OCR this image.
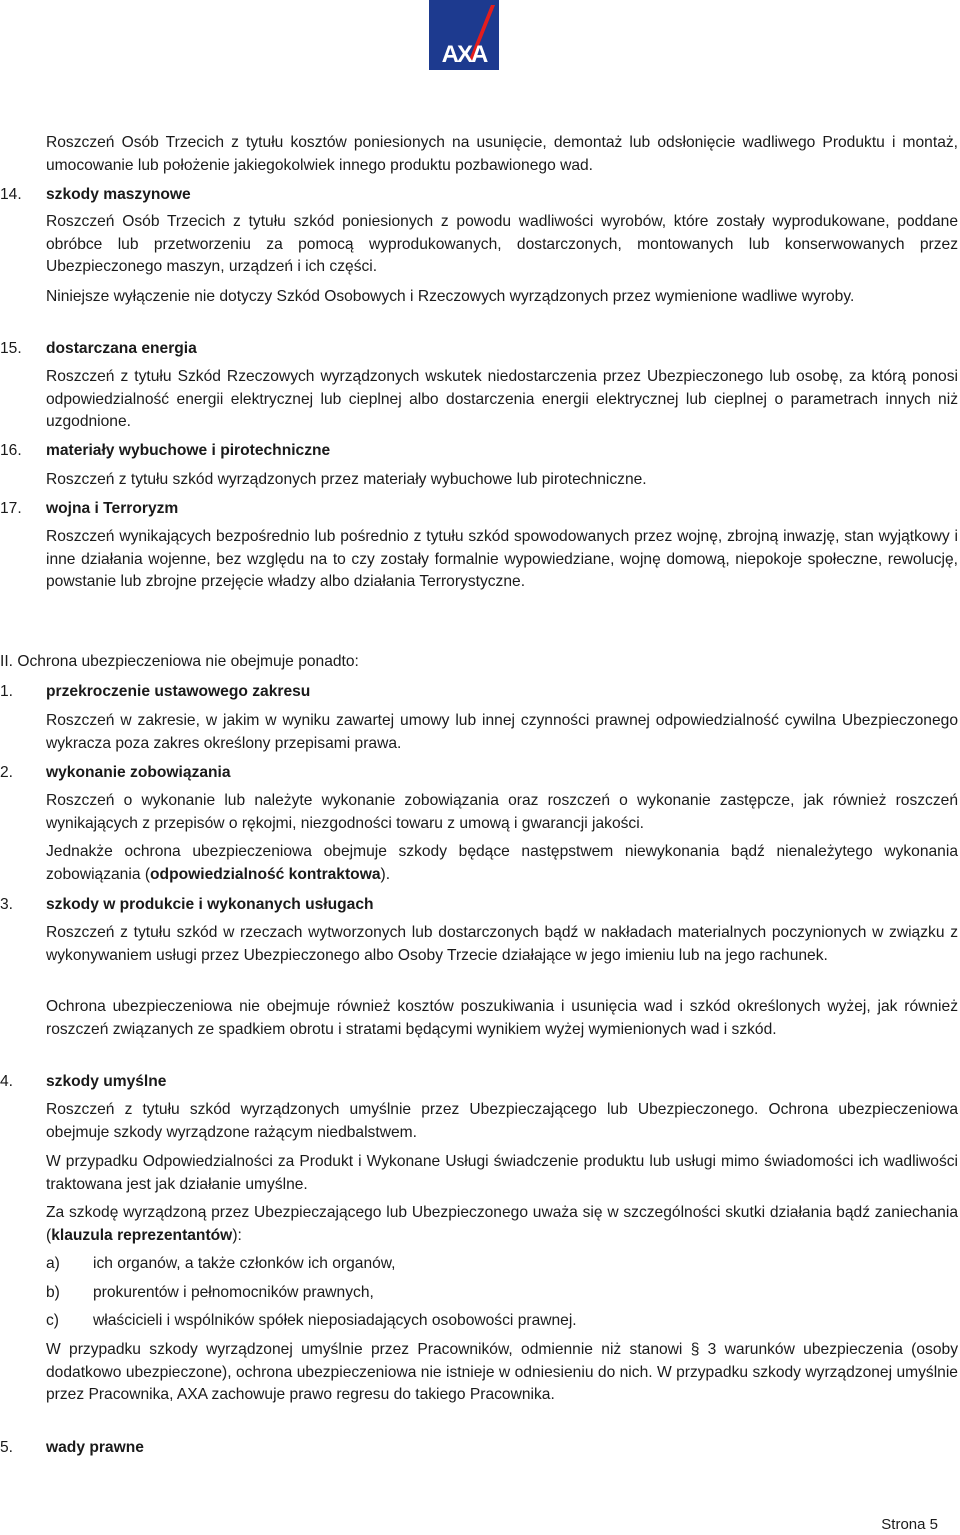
AXA
Roszczeń Osób Trzecich z tytułu kosztów poniesionych na usunięcie, demontaż lub odsłonięcie wadliwego Produktu i montaż, umocowanie lub położenie jakiegokolwiek innego produktu pozbawionego wad.
14. szkody maszynowe
Roszczeń Osób Trzecich z tytułu szkód poniesionych z powodu wadliwości wyrobów, które zostały wyprodukowane, poddane obróbce lub przetworzeniu za pomocą wyprodukowanych, dostarczonych, montowanych lub konserwowanych przez Ubezpieczonego maszyn, urządzeń i ich części.
Niniejsze wyłączenie nie dotyczy Szkód Osobowych i Rzeczowych wyrządzonych przez wymienione wadliwe wyroby.
15. dostarczana energia
Roszczeń z tytułu Szkód Rzeczowych wyrządzonych wskutek niedostarczenia przez Ubezpieczonego lub osobę, za którą ponosi odpowiedzialność energii elektrycznej lub cieplnej albo dostarczenia energii elektrycznej lub cieplnej o parametrach innych niż uzgodnione.
16. materiały wybuchowe i pirotechniczne
Roszczeń z tytułu szkód wyrządzonych przez materiały wybuchowe lub pirotechniczne.
17. wojna i Terroryzm
Roszczeń wynikających bezpośrednio lub pośrednio z tytułu szkód spowodowanych przez wojnę, zbrojną inwazję, stan wyjątkowy i inne działania wojenne, bez względu na to czy zostały formalnie wypowiedziane, wojnę domową, niepokoje społeczne, rewolucję, powstanie lub zbrojne przejęcie władzy albo działania Terrorystyczne.
II. Ochrona ubezpieczeniowa nie obejmuje ponadto:
1. przekroczenie ustawowego zakresu
Roszczeń w zakresie, w jakim w wyniku zawartej umowy lub innej czynności prawnej odpowiedzialność cywilna Ubezpieczonego wykracza poza zakres określony przepisami prawa.
2. wykonanie zobowiązania
Roszczeń o wykonanie lub należyte wykonanie zobowiązania oraz roszczeń o wykonanie zastępcze, jak również roszczeń wynikających z przepisów o rękojmi, niezgodności towaru z umową i gwarancji jakości.
Jednakże ochrona ubezpieczeniowa obejmuje szkody będące następstwem niewykonania bądź nienależytego wykonania zobowiązania (odpowiedzialność kontraktowa).
3. szkody w produkcie i wykonanych usługach
Roszczeń z tytułu szkód w rzeczach wytworzonych lub dostarczonych bądź w nakładach materialnych poczynionych w związku z wykonywaniem usługi przez Ubezpieczonego albo Osoby Trzecie działające w jego imieniu lub na jego rachunek.
Ochrona ubezpieczeniowa nie obejmuje również kosztów poszukiwania i usunięcia wad i szkód określonych wyżej, jak również roszczeń związanych ze spadkiem obrotu i stratami będącymi wynikiem wyżej wymienionych wad i szkód.
4. szkody umyślne
Roszczeń z tytułu szkód wyrządzonych umyślnie przez Ubezpieczającego lub Ubezpieczonego. Ochrona ubezpieczeniowa obejmuje szkody wyrządzone rażącym niedbalstwem.
W przypadku Odpowiedzialności za Produkt i Wykonane Usługi świadczenie produktu lub usługi mimo świadomości ich wadliwości traktowana jest jak działanie umyślne.
Za szkodę wyrządzoną przez Ubezpieczającego lub Ubezpieczonego uważa się w szczególności skutki działania bądź zaniechania (klauzula reprezentantów):
a) ich organów, a także członków ich organów,
b) prokurentów i pełnomocników prawnych,
c) właścicieli i wspólników spółek nieposiadających osobowości prawnej.
W przypadku szkody wyrządzonej umyślnie przez Pracowników, odmiennie niż stanowi § 3 warunków ubezpieczenia (osoby dodatkowo ubezpieczone), ochrona ubezpieczeniowa nie istnieje w odniesieniu do nich. W przypadku szkody wyrządzonej umyślnie przez Pracownika, AXA zachowuje prawo regresu do takiego Pracownika.
5. wady prawne
Strona 5
